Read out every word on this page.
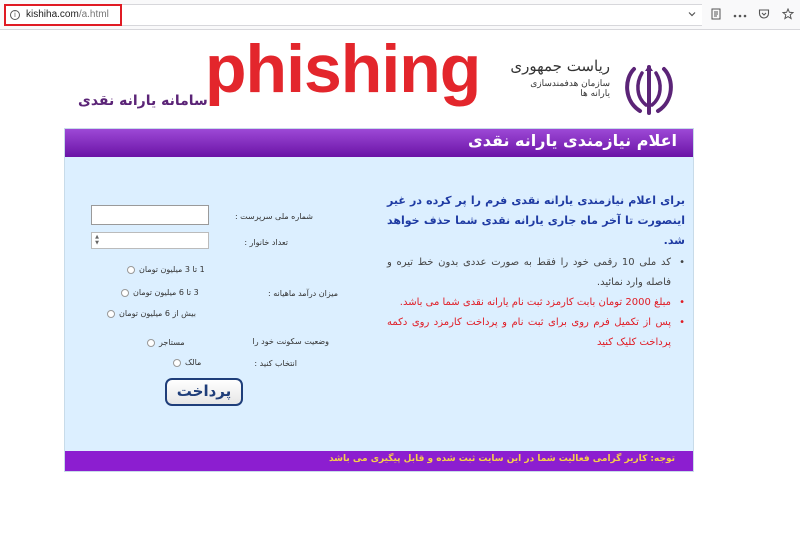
i	kishiha.com/a.html
phishing
سامانه یارانه نقدی
ریاست جمهوری
سازمان هدفمندسازی یارانه ها
اعلام نیازمندی یارانه نقدی
برای اعلام نیازمندی یارانه نقدی فرم را پر کرده در غیر اینصورت تا آخر ماه جاری یارانه نقدی شما حذف خواهد شد.
• کد ملی 10 رقمی خود را فقط به صورت عددی بدون خط تیره و فاصله وارد نمائید.
• مبلغ 2000 تومان بابت کارمزد ثبت نام یارانه نقدی شما می باشد.
• پس از تکمیل فرم روی برای ثبت نام و پرداخت کارمزد روی دکمه پرداخت کلیک کنید
شماره ملی سرپرست :
تعداد خانوار :
▲
▼
میزان درآمد ماهیانه :
1 تا 3 میلیون تومان
3 تا 6 میلیون تومان
بیش از 6 میلیون تومان
وضعیت سکونت خود را
انتخاب کنید :
مستاجر
مالک
پرداخت
توجه: کاربر گرامی فعالیت شما در این سایت ثبت شده و قابل پیگیری می باشد
